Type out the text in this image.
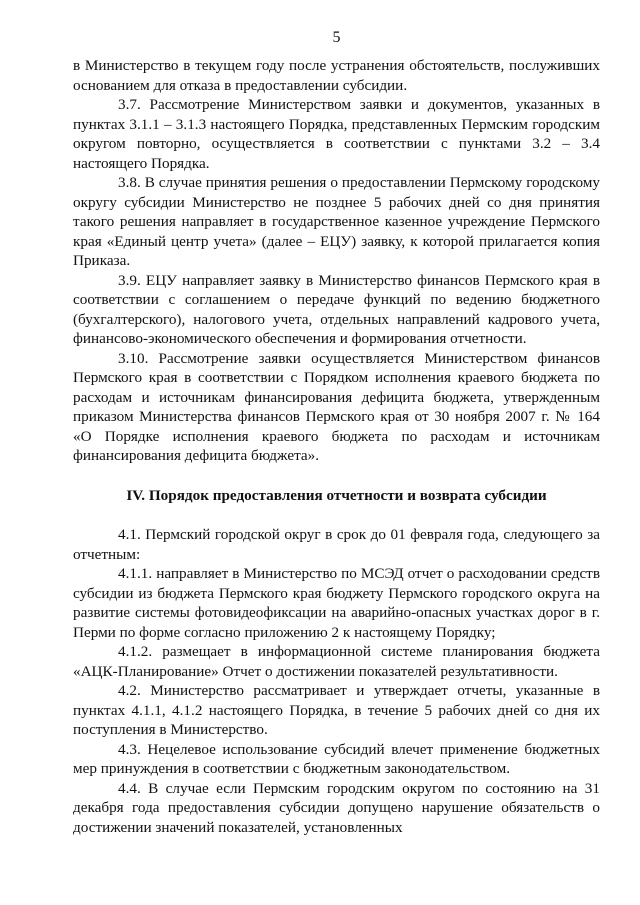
5

в Министерство в текущем году после устранения обстоятельств, послуживших основанием для отказа в предоставлении субсидии.

3.7. Рассмотрение Министерством заявки и документов, указанных в пунктах 3.1.1 – 3.1.3 настоящего Порядка, представленных Пермским городским округом повторно, осуществляется в соответствии с пунктами 3.2 – 3.4 настоящего Порядка.

3.8. В случае принятия решения о предоставлении Пермскому городскому округу субсидии Министерство не позднее 5 рабочих дней со дня принятия такого решения направляет в государственное казенное учреждение Пермского края «Единый центр учета» (далее – ЕЦУ) заявку, к которой прилагается копия Приказа.

3.9. ЕЦУ направляет заявку в Министерство финансов Пермского края в соответствии с соглашением о передаче функций по ведению бюджетного (бухгалтерского), налогового учета, отдельных направлений кадрового учета, финансово-экономического обеспечения и формирования отчетности.

3.10. Рассмотрение заявки осуществляется Министерством финансов Пермского края в соответствии с Порядком исполнения краевого бюджета по расходам и источникам финансирования дефицита бюджета, утвержденным приказом Министерства финансов Пермского края от 30 ноября 2007 г. № 164 «О Порядке исполнения краевого бюджета по расходам и источникам финансирования дефицита бюджета».

IV. Порядок предоставления отчетности и возврата субсидии

4.1. Пермский городской округ в срок до 01 февраля года, следующего за отчетным:

4.1.1. направляет в Министерство по МСЭД отчет о расходовании средств субсидии из бюджета Пермского края бюджету Пермского городского округа на развитие системы фотовидеофиксации на аварийно-опасных участках дорог в г. Перми по форме согласно приложению 2 к настоящему Порядку;

4.1.2. размещает в информационной системе планирования бюджета «АЦК-Планирование» Отчет о достижении показателей результативности.

4.2. Министерство рассматривает и утверждает отчеты, указанные в пунктах 4.1.1, 4.1.2 настоящего Порядка, в течение 5 рабочих дней со дня их поступления в Министерство.

4.3. Нецелевое использование субсидий влечет применение бюджетных мер принуждения в соответствии с бюджетным законодательством.

4.4. В случае если Пермским городским округом по состоянию на 31 декабря года предоставления субсидии допущено нарушение обязательств о достижении значений показателей, установленных
